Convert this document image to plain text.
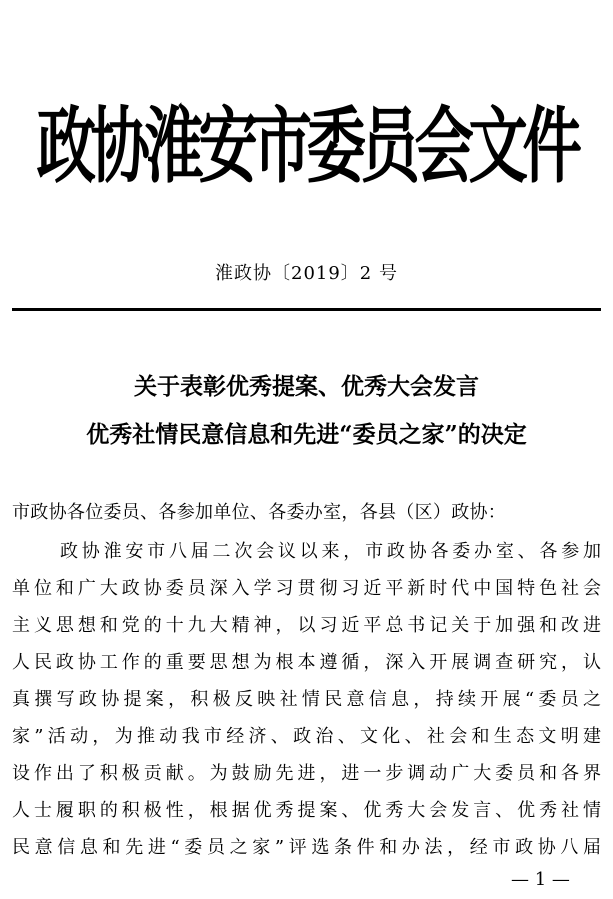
政协淮安市委员会文件
淮政协〔2019〕2 号
关于表彰优秀提案、优秀大会发言
优秀社情民意信息和先进“委员之家”的决定
市政协各位委员、各参加单位、各委办室，各县（区）政协：
政协淮安市八届二次会议以来，市政协各委办室、各参加
单位和广大政协委员深入学习贯彻习近平新时代中国特色社会
主义思想和党的十九大精神，以习近平总书记关于加强和改进
人民政协工作的重要思想为根本遵循，深入开展调查研究，认
真撰写政协提案，积极反映社情民意信息，持续开展“委员之
家”活动，为推动我市经济、政治、文化、社会和生态文明建
设作出了积极贡献。为鼓励先进，进一步调动广大委员和各界
人士履职的积极性，根据优秀提案、优秀大会发言、优秀社情
民意信息和先进“委员之家”评选条件和办法，经市政协八届
— 1 —
